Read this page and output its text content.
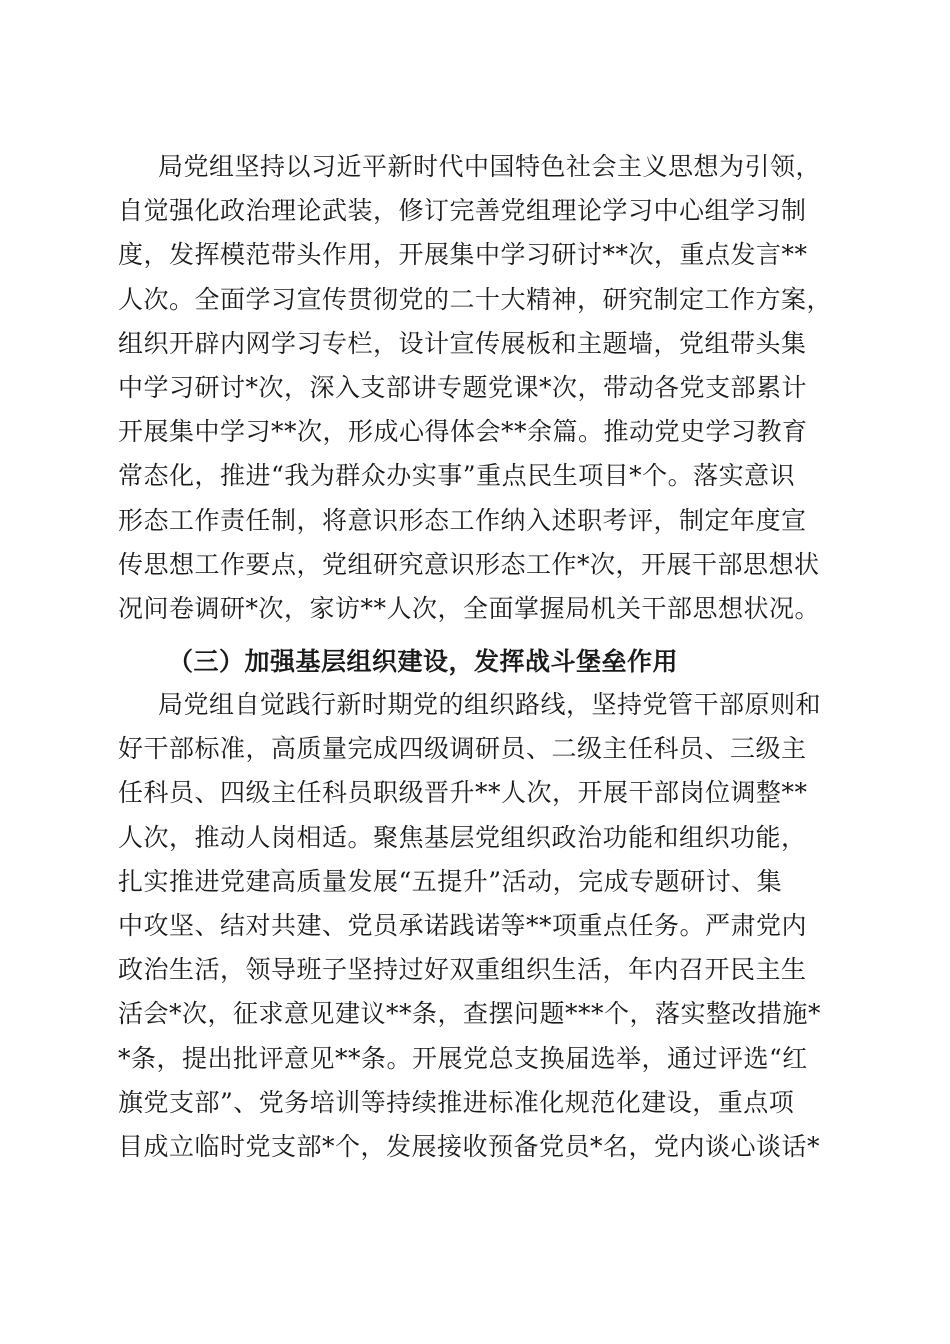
局党组坚持以习近平新时代中国特色社会主义思想为引领，
自觉强化政治理论武装，修订完善党组理论学习中心组学习制
度，发挥模范带头作用，开展集中学习研讨**次，重点发言**
人次。全面学习宣传贯彻党的二十大精神，研究制定工作方案，
组织开辟内网学习专栏，设计宣传展板和主题墙，党组带头集
中学习研讨*次，深入支部讲专题党课*次，带动各党支部累计
开展集中学习**次，形成心得体会**余篇。推动党史学习教育
常态化，推进“我为群众办实事”重点民生项目*个。落实意识
形态工作责任制，将意识形态工作纳入述职考评，制定年度宣
传思想工作要点，党组研究意识形态工作*次，开展干部思想状
况问卷调研*次，家访**人次，全面掌握局机关干部思想状况。
（三）加强基层组织建设，发挥战斗堡垒作用
局党组自觉践行新时期党的组织路线，坚持党管干部原则和
好干部标准，高质量完成四级调研员、二级主任科员、三级主
任科员、四级主任科员职级晋升**人次，开展干部岗位调整**
人次，推动人岗相适。聚焦基层党组织政治功能和组织功能，
扎实推进党建高质量发展“五提升”活动，完成专题研讨、集
中攻坚、结对共建、党员承诺践诺等**项重点任务。严肃党内
政治生活，领导班子坚持过好双重组织生活，年内召开民主生
活会*次，征求意见建议**条，查摆问题***个，落实整改措施*
*条，提出批评意见**条。开展党总支换届选举，通过评选“红
旗党支部”、党务培训等持续推进标准化规范化建设，重点项
目成立临时党支部*个，发展接收预备党员*名，党内谈心谈话*
